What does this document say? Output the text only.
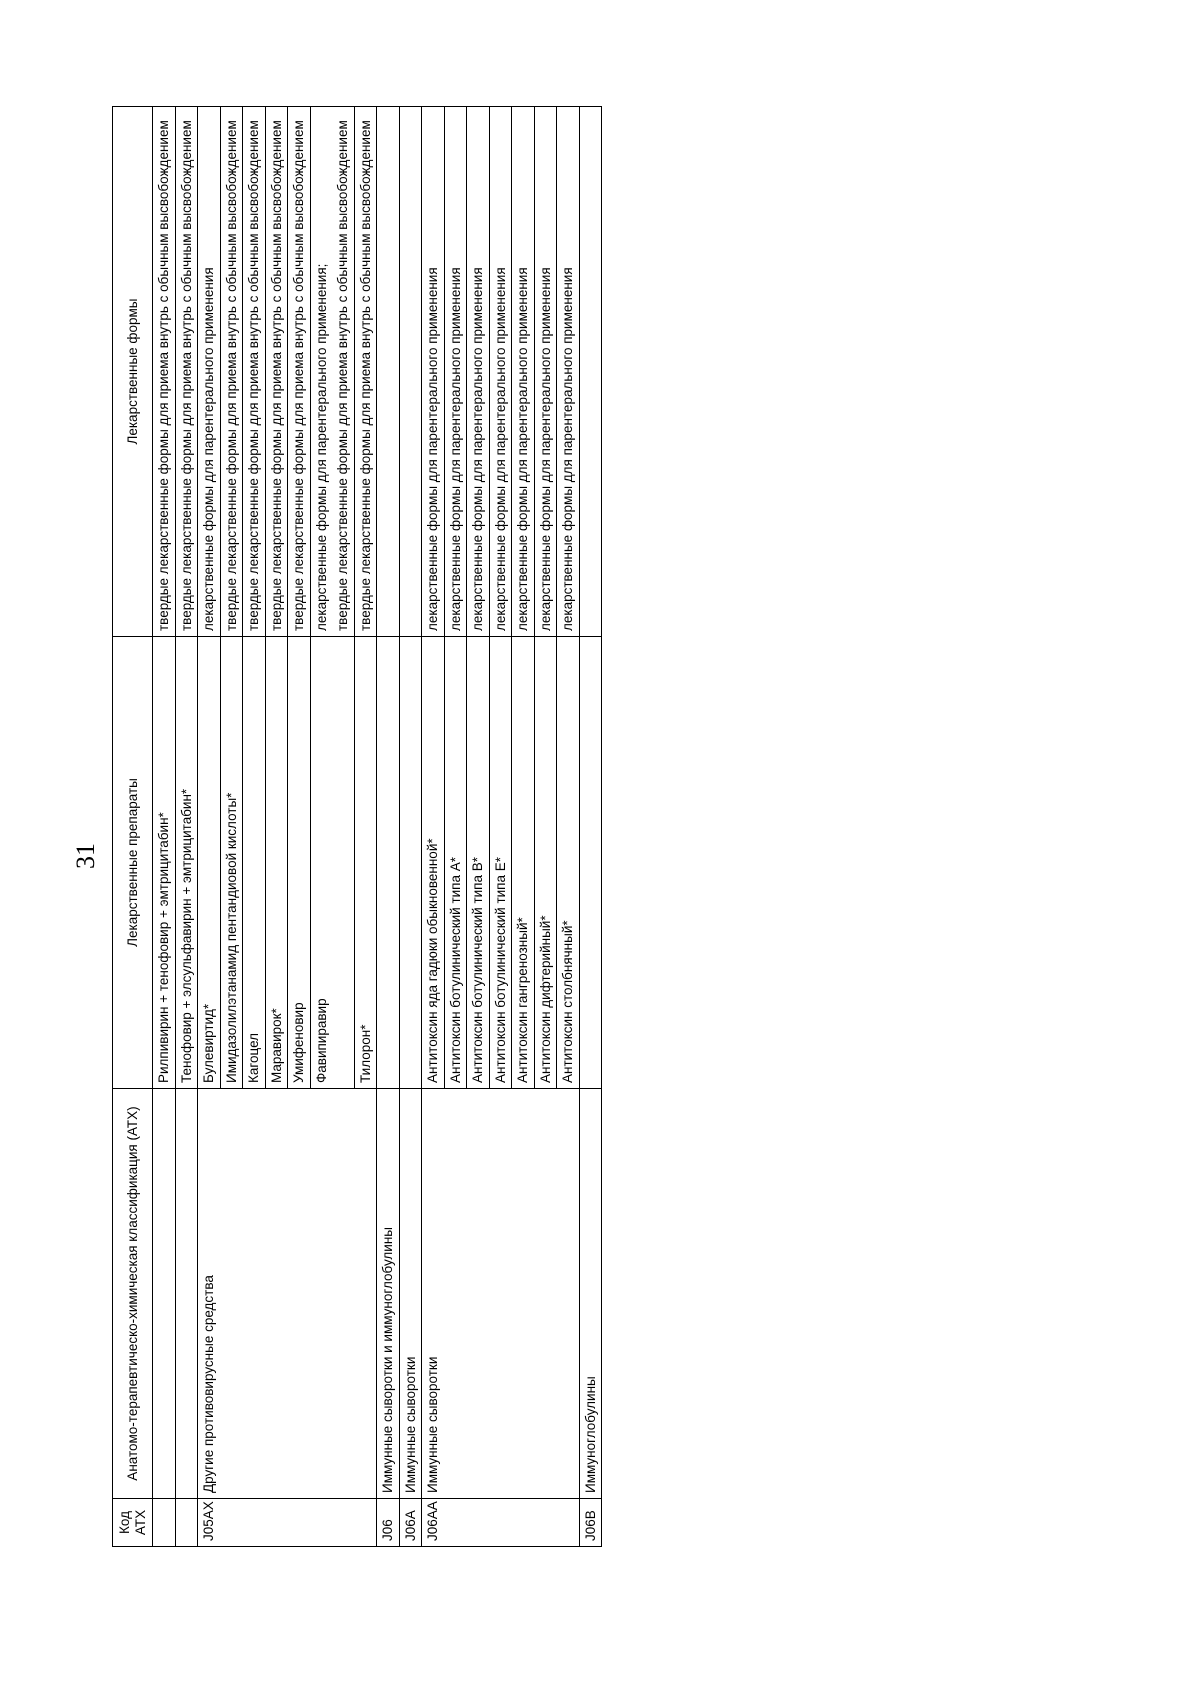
31
Код АТХ	Анатомо-терапевтическо-химическая классификация (АТХ)	Лекарственные препараты	Лекарственные формы
		Рилпивирин + тенофовир + эмтрицитабин*	твердые лекарственные формы для приема внутрь с обычным высвобождением

		Тенофовир + элсульфавирин + эмтрицитабин*	твердые лекарственные формы для приема внутрь с обычным высвобождением

J05AX	Другие противовирусные средства	Булевиртид*	лекарственные формы для парентерального применения

		Имидазолилэтанамид пентандиовой кислоты*	твердые лекарственные формы для приема внутрь с обычным высвобождением

		Кагоцел	твердые лекарственные формы для приема внутрь с обычным высвобождением

		Маравирок*	твердые лекарственные формы для приема внутрь с обычным высвобождением

		Умифеновир	твердые лекарственные формы для приема внутрь с обычным высвобождением

		Фавипиравир	лекарственные формы для парентерального применения; твердые лекарственные формы для приема внутрь с обычным высвобождением

		Тилорон*	твердые лекарственные формы для приема внутрь с обычным высвобождением

J06	Иммунные сыворотки и иммуноглобулины		

J06A	Иммунные сыворотки		

J06AA	Иммунные сыворотки	Антитоксин яда гадюки обыкновенной*	лекарственные формы для парентерального применения

		Антитоксин ботулинический типа А*	лекарственные формы для парентерального применения

		Антитоксин ботулинический типа В*	лекарственные формы для парентерального применения

		Антитоксин ботулинический типа Е*	лекарственные формы для парентерального применения

		Антитоксин гангренозный*	лекарственные формы для парентерального применения

		Антитоксин дифтерийный*	лекарственные формы для парентерального применения

		Антитоксин столбнячный*	лекарственные формы для парентерального применения

J06B	Иммуноглобулины		
